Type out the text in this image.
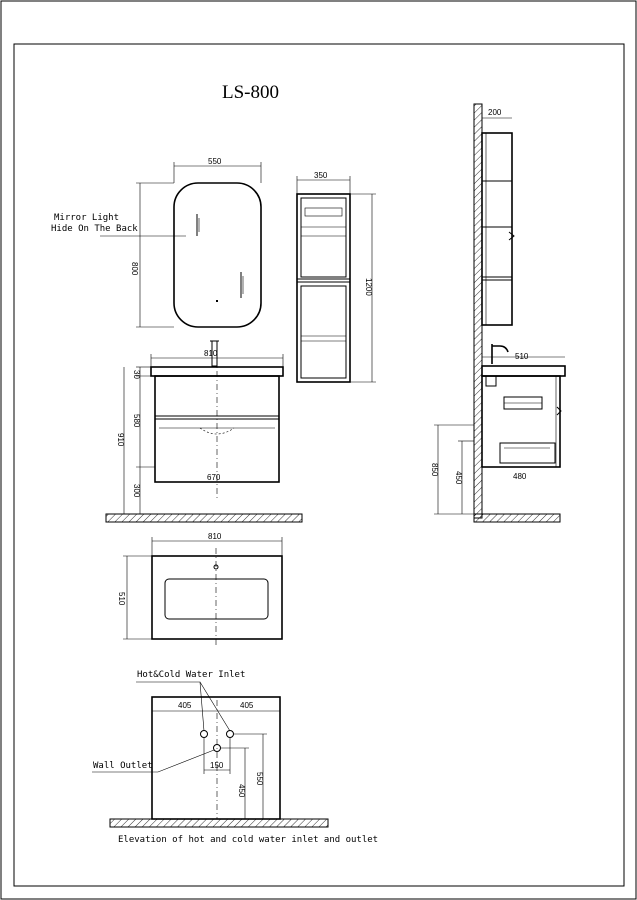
LS-800
550
800
Mirror Light
Hide On The Back
350
1200
810
30
580
910
300
670
810
510
200
510
480
850
450
Hot&Cold Water Inlet
Wall Outlet
405	405
150
450
550
Elevation of hot and cold water inlet and outlet
